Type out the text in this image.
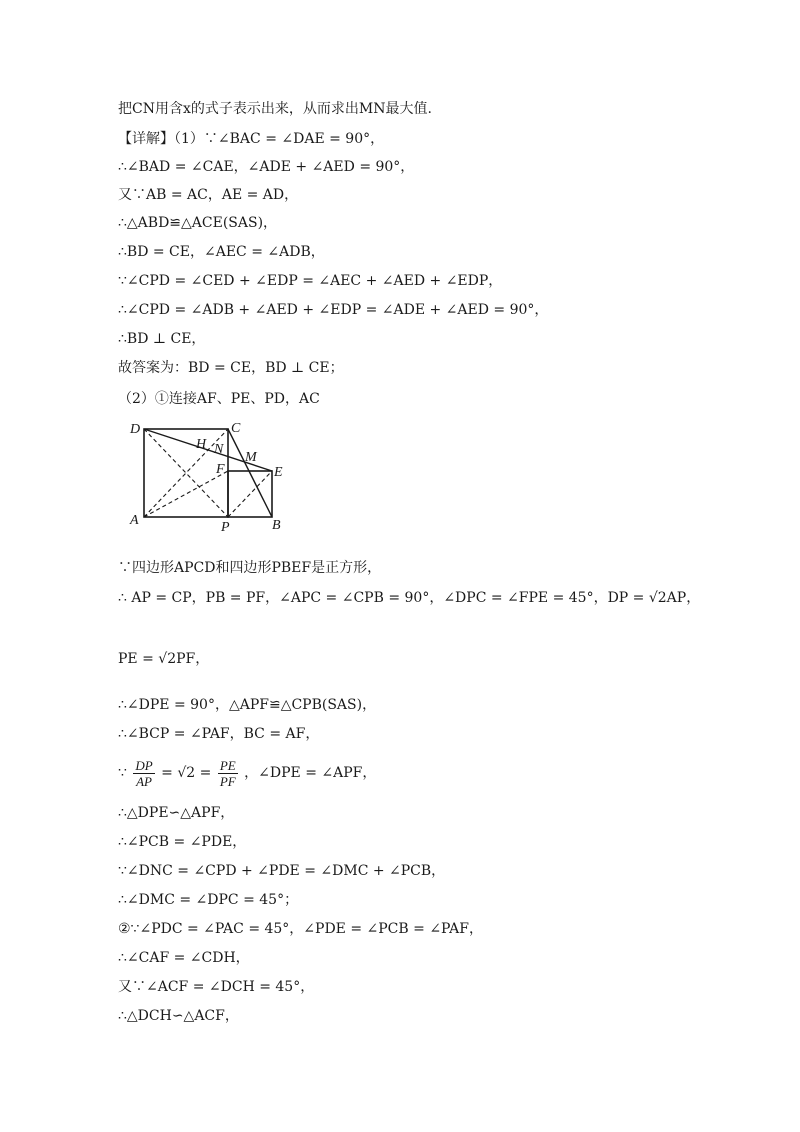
把CN用含x的式子表示出来，从而求出MN最大值.
【详解】（1）∵∠BAC = ∠DAE = 90°，
∴∠BAD = ∠CAE，∠ADE + ∠AED = 90°，
又∵AB = AC，AE = AD，
∴△ABD≌△ACE(SAS)，
∴BD = CE，∠AEC = ∠ADB，
∵∠CPD = ∠CED + ∠EDP = ∠AEC + ∠AED + ∠EDP，
∴∠CPD = ∠ADB + ∠AED + ∠EDP = ∠ADE + ∠AED = 90°，
∴BD ⊥ CE，
故答案为：BD = CE，BD ⊥ CE；
（2）①连接AF、PE、PD，AC
D	C
H N
M
F	E
A	P	B
∵四边形APCD和四边形PBEF是正方形，
∴ AP = CP，PB = PF，∠APC = ∠CPB = 90°，∠DPC = ∠FPE = 45°，DP = √2AP，
PE = √2PF，
∴∠DPE = 90°，△APF≌△CPB(SAS)，
∴∠BCP = ∠PAF，BC = AF，
∵ $\frac{DP}{AP} = √2 = \frac{PE}{PF}$ ，∠DPE = ∠APF，
∴△DPE∽△APF，
∴∠PCB = ∠PDE，
∵∠DNC = ∠CPD + ∠PDE = ∠DMC + ∠PCB，
∴∠DMC = ∠DPC = 45°；
②∵∠PDC = ∠PAC = 45°，∠PDE = ∠PCB = ∠PAF，
∴∠CAF = ∠CDH，
又∵∠ACF = ∠DCH = 45°，
∴△DCH∽△ACF，
